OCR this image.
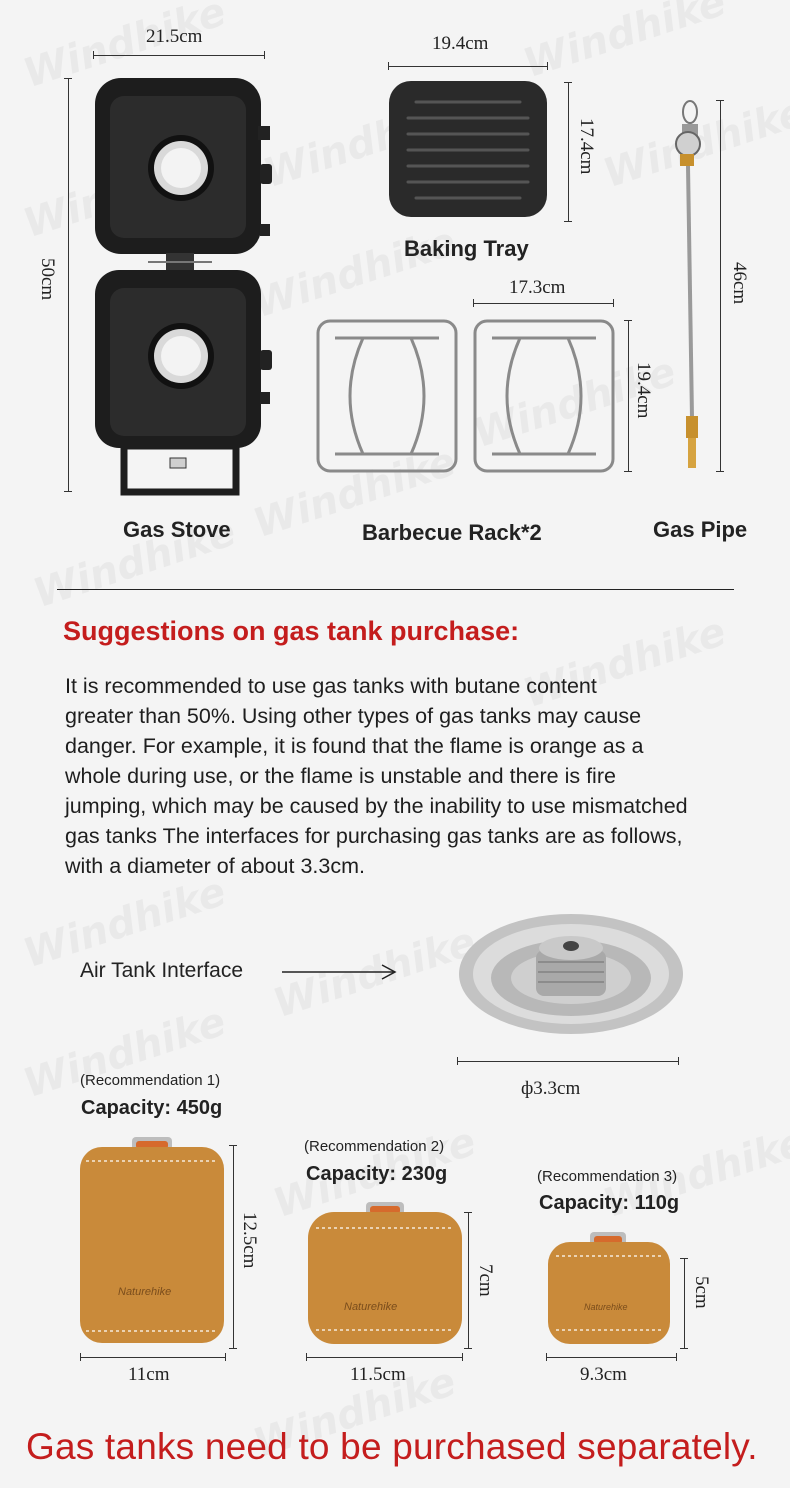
21.5cm
50cm
19.4cm
17.4cm
Baking Tray
17.3cm
19.4cm
46cm
Gas Stove	Barbecue Rack*2	Gas Pipe
Suggestions on gas tank purchase:
It is recommended to use gas tanks with butane content
greater than 50%. Using other types of gas tanks may cause
danger. For example, it is found that the flame is orange as a
whole during use, or the flame is unstable and there is fire
jumping, which may be caused by the inability to use mismatched
gas tanks The interfaces for purchasing gas tanks are as follows,
with a diameter of about 3.3cm.
Air Tank Interface
ф3.3cm
(Recommendation 1)
Capacity: 450g
Naturehike
12.5cm
11cm
(Recommendation 2)
Capacity: 230g
Naturehike
7cm
11.5cm
(Recommendation 3)
Capacity: 110g
Naturehike	5cm
9.3cm
Gas tanks need to be purchased separately.
